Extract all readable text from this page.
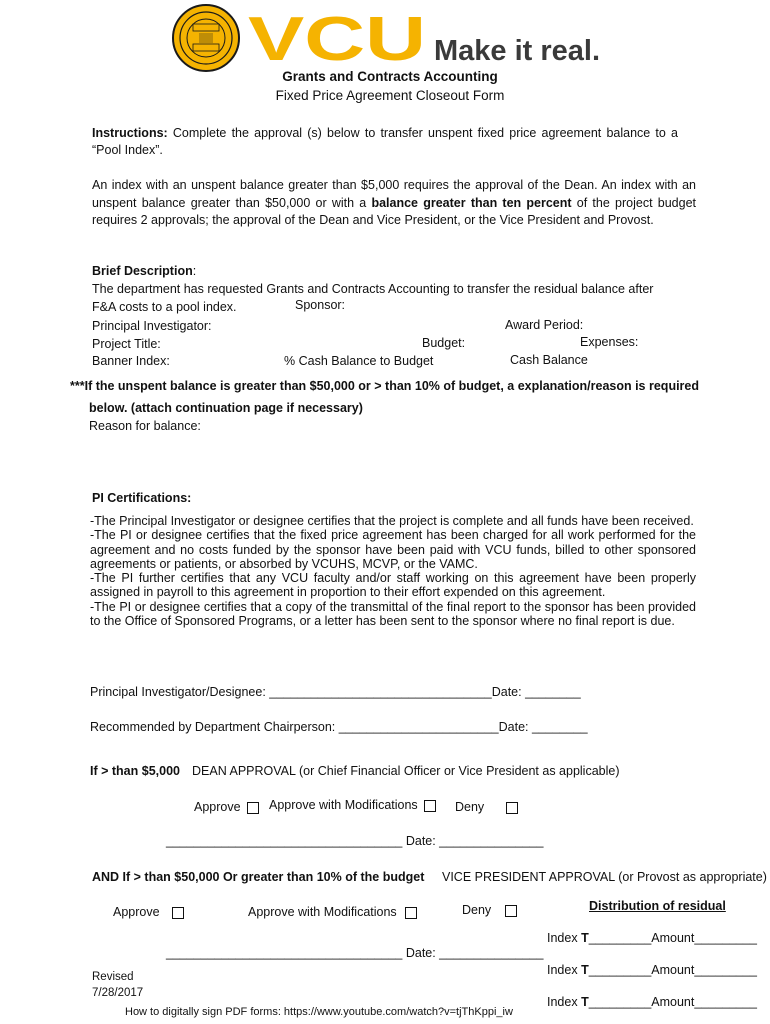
VCU Make it real.
Grants and Contracts Accounting
Fixed Price Agreement Closeout Form
Instructions: Complete the approval (s) below to transfer unspent fixed price agreement balance to a “Pool Index”.
An index with an unspent balance greater than $5,000 requires the approval of the Dean. An index with an unspent balance greater than $50,000 or with a balance greater than ten percent of the project budget requires 2 approvals; the approval of the Dean and Vice President, or the Vice President and Provost.
Brief Description:
The department has requested Grants and Contracts Accounting to transfer the residual balance after
F&A costs to a pool index.	Sponsor:
Principal Investigator:	Award Period:
Project Title:	Budget:	Expenses:
Banner Index:	% Cash Balance to Budget	Cash Balance
***If the unspent balance is greater than $50,000 or > than 10% of budget, a explanation/reason is required
below. (attach continuation page if necessary)
Reason for balance:
PI Certifications:
-The Principal Investigator or designee certifies that the project is complete and all funds have been received.
-The PI or designee certifies that the fixed price agreement has been charged for all work performed for the agreement and no costs funded by the sponsor have been paid with VCU funds, billed to other sponsored agreements or patients, or absorbed by VCUHS, MCVP, or the VAMC.
-The PI further certifies that any VCU faculty and/or staff working on this agreement have been properly assigned in payroll to this agreement in proportion to their effort expended on this agreement.
-The PI or designee certifies that a copy of the transmittal of the final report to the sponsor has been provided to the Office of Sponsored Programs, or a letter has been sent to the sponsor where no final report is due.
Principal Investigator/Designee: ________________________________Date: ________
Recommended by Department Chairperson: _______________________Date: ________
If > than $5,000 DEAN APPROVAL (or Chief Financial Officer or Vice President as applicable)
Approve	Approve with Modifications	Deny
__________________________________ Date: _______________
AND If > than $50,000 Or greater than 10% of the budget VICE PRESIDENT APPROVAL (or Provost as appropriate)
Approve	Approve with Modifications	Deny
__________________________________ Date: _______________
Distribution of residual
Index T_________Amount_________
Index T_________Amount_________
Index T_________Amount_________
Revised
7/28/2017
How to digitally sign PDF forms: https://www.youtube.com/watch?v=tjThKppi_iw
